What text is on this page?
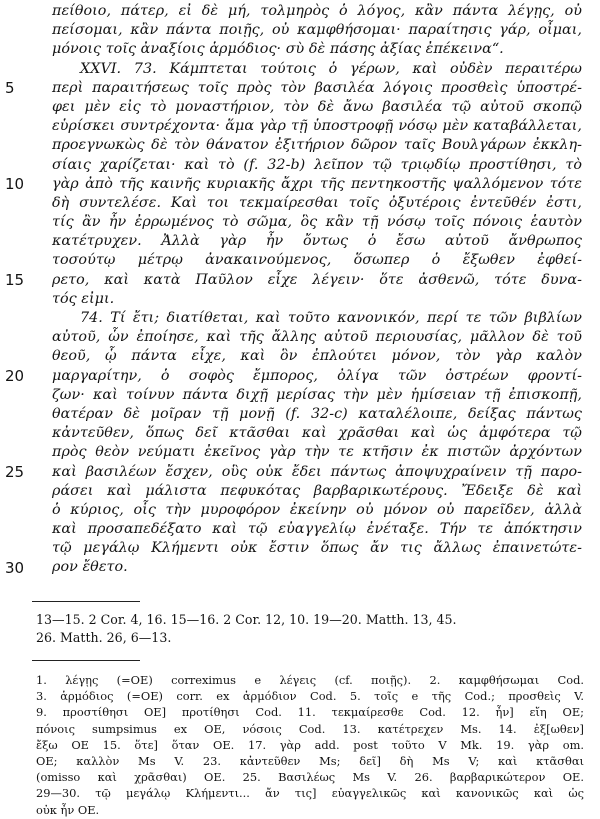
5
10
15
20
25
30
πείθοιο, πάτερ, εἰ δὲ μή, τολμηρὸς ὁ λόγος, κἂν πάντα λέγῃς, οὐ
πείσομαι, κἂν πάντα ποιῇς, οὐ καμφθήσομαι· παραίτησις γάρ, οἶμαι,
μόνοις τοῖς ἀναξίοις ἁρμόδιος· σὺ δὲ πάσης ἀξίας ἐπέκεινα“.
XXVI. 73. Κάμπτεται τούτοις ὁ γέρων, καὶ οὐδὲν περαιτέρω
περὶ παραιτήσεως τοῖς πρὸς τὸν βασιλέα λόγοις προσθεὶς ὑποστρέ-
φει μὲν εἰς τὸ μοναστήριον, τὸν δὲ ἄνω βασιλέα τῷ αὐτοῦ σκοπῷ
εὑρίσκει συντρέχοντα· ἅμα γὰρ τῇ ὑποστροφῇ νόσῳ μὲν καταβάλλεται,
προεγνωκὼς δὲ τὸν θάνατον ἐξιτήριον δῶρον ταῖς Βουλγάρων ἐκκλη-
σίαις χαρίζεται· καὶ τὸ (f. 32-b) λεῖπον τῷ τριῳδίῳ προστίθησι, τὸ
γὰρ ἀπὸ τῆς καινῆς κυριακῆς ἄχρι τῆς πεντηκοστῆς ψαλλόμενον τότε
δὴ συντελέσε. Καὶ τοι τεκμαίρεσθαι τοῖς ὀξυτέροις ἐντεῦθέν ἐστι,
τίς ἂν ἦν ἐρρωμένος τὸ σῶμα, ὃς κἂν τῇ νόσῳ τοῖς πόνοις ἑαυτὸν
κατέτρυχεν. Ἀλλὰ γὰρ ἦν ὄντως ὁ ἔσω αὐτοῦ ἄνθρωπος
τοσούτῳ μέτρῳ ἀνακαινούμενος, ὅσωπερ ὁ ἔξωθεν ἐφθεί-
ρετο, καὶ κατὰ Παῦλον εἶχε λέγειν· ὅτε ἀσθενῶ, τότε δυνα-
τός εἰμι.
74. Τί ἔτι; διατίθεται, καὶ τοῦτο κανονικόν, περί τε τῶν βιβλίων
αὐτοῦ, ὧν ἐποίησε, καὶ τῆς ἄλλης αὐτοῦ περιουσίας, μᾶλλον δὲ τοῦ
θεοῦ, ᾧ πάντα εἶχε, καὶ ὃν ἐπλούτει μόνον, τὸν γὰρ καλὸν
μαργαρίτην, ὁ σοφὸς ἔμπορος, ὀλίγα τῶν ὀστρέων φροντί-
ζων· καὶ τοίνυν πάντα διχῇ μερίσας τὴν μὲν ἡμίσειαν τῇ ἐπισκοπῇ,
θατέραν δὲ μοῖραν τῇ μονῇ (f. 32-c) καταλέλοιπε, δείξας πάντως
κἀντεῦθεν, ὅπως δεῖ κτᾶσθαι καὶ χρᾶσθαι καὶ ὡς ἀμφότερα τῷ
πρὸς θεὸν νεύματι ἐκεῖνος γὰρ τὴν τε κτῆσιν ἐκ πιστῶν ἀρχόντων
καὶ βασιλέων ἔσχεν, οὓς οὐκ ἔδει πάντως ἀποψυχραίνειν τῇ παρο-
ράσει καὶ μάλιστα πεφυκότας βαρβαρικωτέρους. Ἔδειξε δὲ καὶ
ὁ κύριος, οἷς τὴν μυροφόρον ἐκείνην οὐ μόνον οὐ παρεῖδεν, ἀλλὰ
καὶ προσαπεδέξατο καὶ τῷ εὐαγγελίῳ ἐνέταξε. Τήν τε ἀπόκτησιν
τῷ μεγάλῳ Κλήμεντι οὐκ ἔστιν ὅπως ἄν τις ἄλλως ἐπαινετώτε-
ρον ἔθετο.
13—15. 2 Cor. 4, 16. 15—16. 2 Cor. 12, 10. 19—20. Matth. 13, 45.
26. Matth. 26, 6—13.
1. λέγῃς (=OE) correximus e λέγεις (cf. ποιῇς). 2. καμφθήσωμαι Cod.
3. ἁρμόδιος (=OE) corr. ex ἁρμόδιον Cod. 5. τοῖς e τῆς Cod.; προσθεὶς V.
9. προστίθησι OE] προτίθησι Cod. 11. τεκμαίρεσθε Cod. 12. ἦν] εἴη OE;
πόνοις sumpsimus ex OE, νόσοις Cod. 13. κατέτρεχεν Ms. 14. ἐξ[ωθεν]
ἔξω OE 15. ὅτε] ὅταν OE. 17. γὰρ add. post τοῦτο V Mk. 19. γὰρ om.
OE; καλλὸν Ms V. 23. κἀντεῦθεν Ms; δεῖ] δὴ Ms V; καὶ κτᾶσθαι
(omisso καὶ χρᾶσθαι) OE. 25. Βασιλέως Ms V. 26. βαρβαρικώτερον OE.
29—30. τῷ μεγάλῳ Κλήμεντι... ἄν τις] εὐαγγελικῶς καὶ κανονικῶς καὶ ὡς
οὐκ ἦν OE.
